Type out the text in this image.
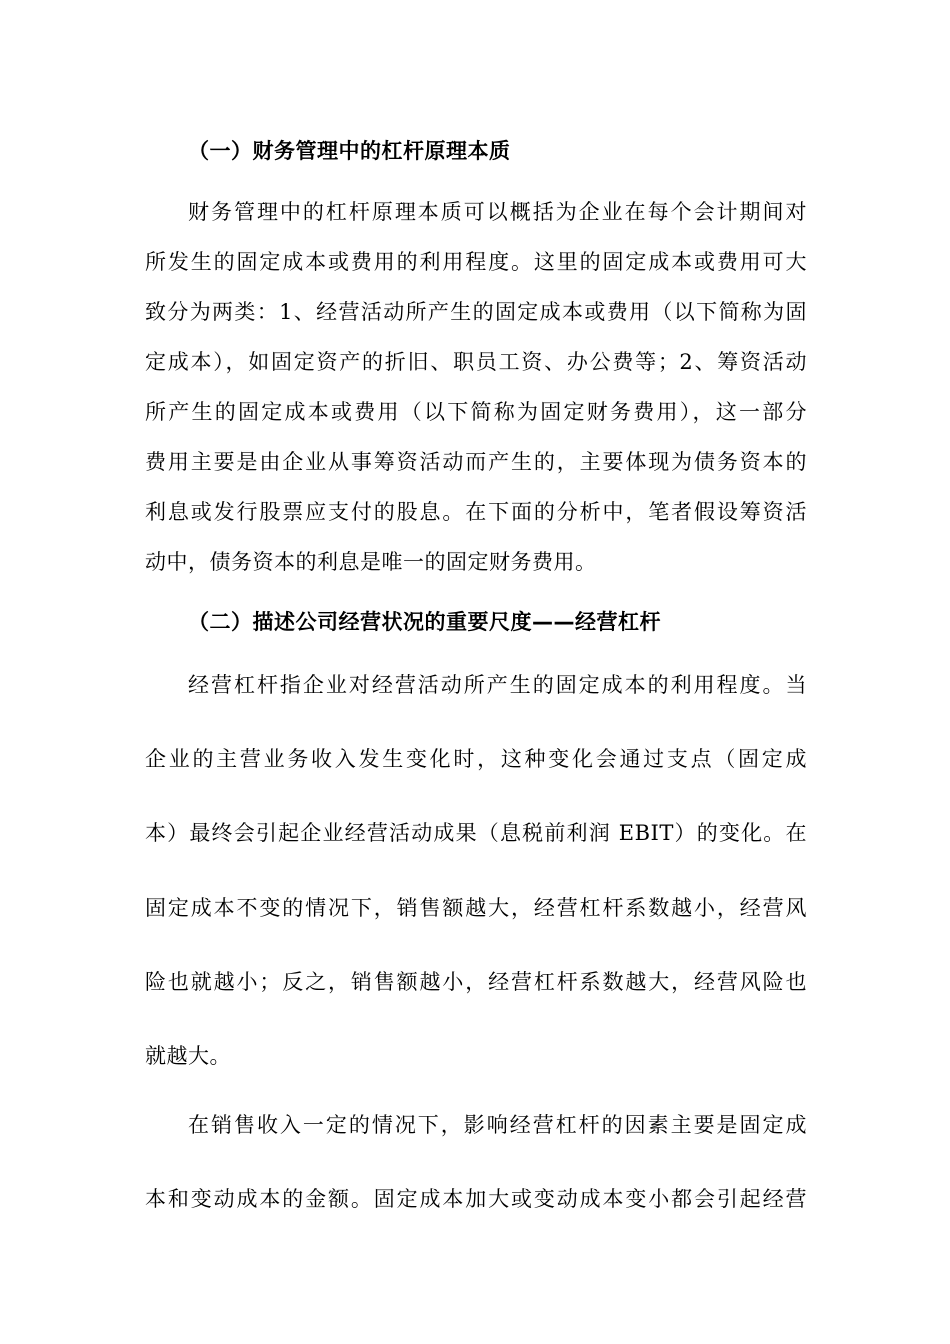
（一）财务管理中的杠杆原理本质
财务管理中的杠杆原理本质可以概括为企业在每个会计期间对
所发生的固定成本或费用的利用程度。这里的固定成本或费用可大
致分为两类：1、经营活动所产生的固定成本或费用（以下简称为固
定成本），如固定资产的折旧、职员工资、办公费等；2、筹资活动
所产生的固定成本或费用（以下简称为固定财务费用），这一部分
费用主要是由企业从事筹资活动而产生的，主要体现为债务资本的
利息或发行股票应支付的股息。在下面的分析中，笔者假设筹资活
动中，债务资本的利息是唯一的固定财务费用。
（二）描述公司经营状况的重要尺度——经营杠杆
经营杠杆指企业对经营活动所产生的固定成本的利用程度。当
企业的主营业务收入发生变化时，这种变化会通过支点（固定成
本）最终会引起企业经营活动成果（息税前利润 EBIT）的变化。在
固定成本不变的情况下，销售额越大，经营杠杆系数越小，经营风
险也就越小；反之，销售额越小，经营杠杆系数越大，经营风险也
就越大。
在销售收入一定的情况下，影响经营杠杆的因素主要是固定成
本和变动成本的金额。固定成本加大或变动成本变小都会引起经营
